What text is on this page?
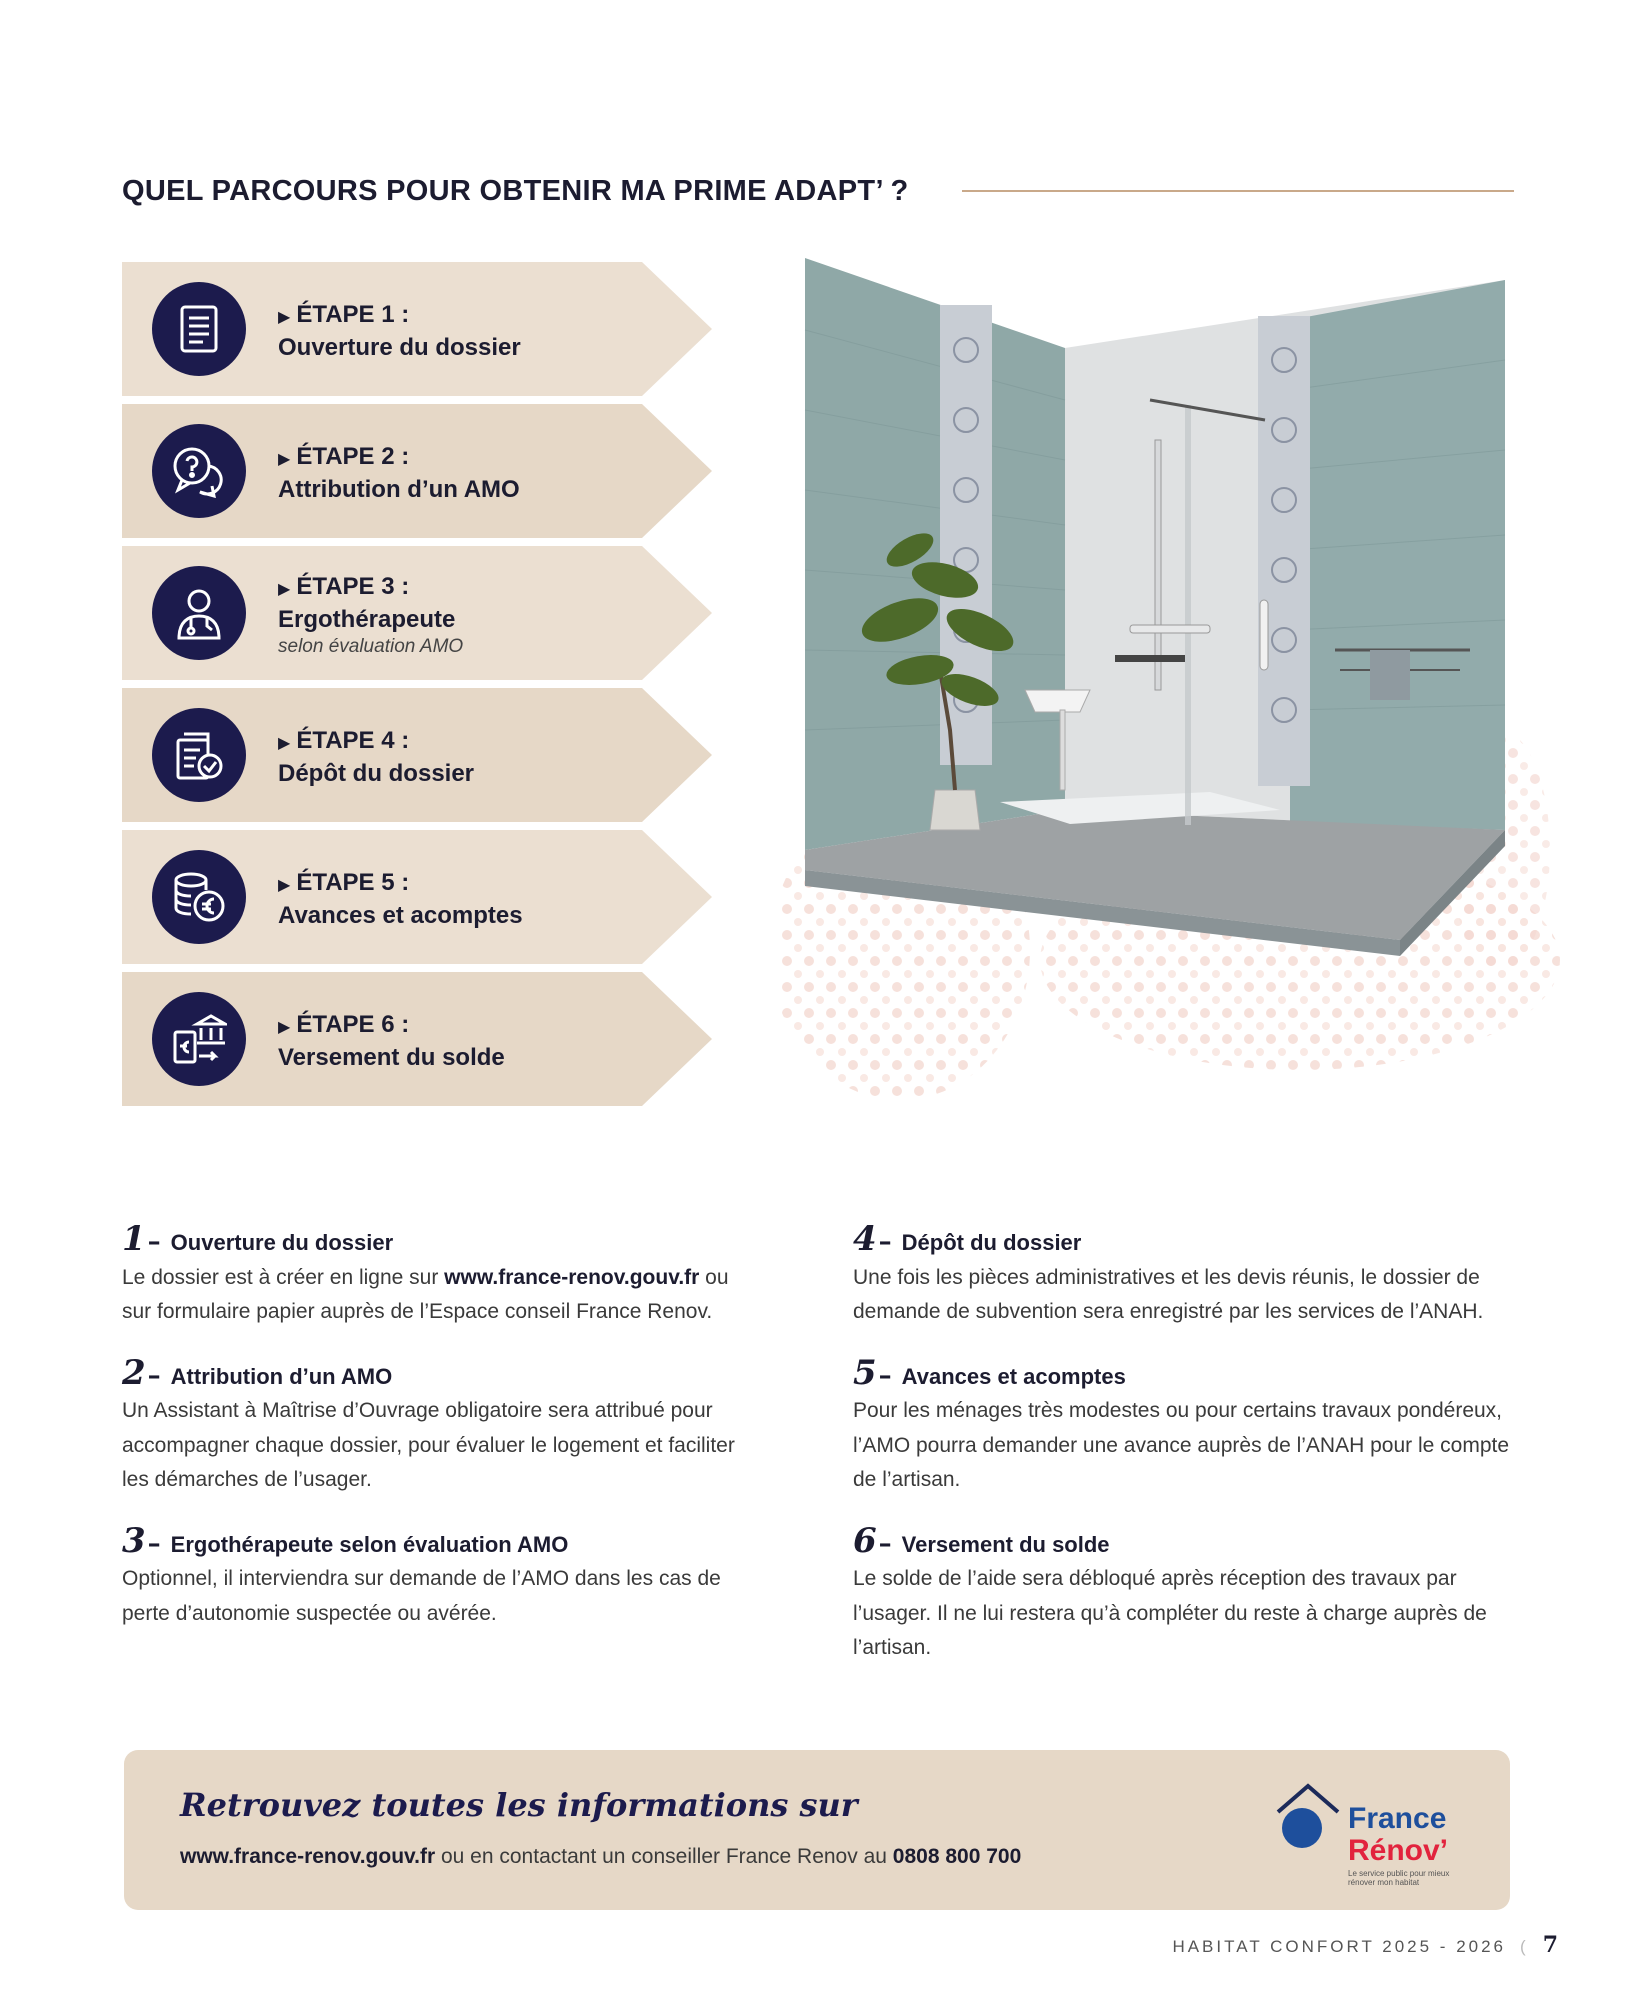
QUEL PARCOURS POUR OBTENIR MA PRIME ADAPT’ ?
▶ ÉTAPE 1 :
Ouverture du dossier
▶ ÉTAPE 2 :
Attribution d’un AMO
▶ ÉTAPE 3 :
Ergothérapeute
selon évaluation AMO
▶ ÉTAPE 4 :
Dépôt du dossier
▶ ÉTAPE 5 :
Avances et acomptes
▶ ÉTAPE 6 :
Versement du solde
1 –	Ouverture du dossier
Le dossier est à créer en ligne sur www.france-renov.gouv.fr ou sur formulaire papier auprès de l’Espace conseil France Renov.
2 –	Attribution d’un AMO
Un Assistant à Maîtrise d’Ouvrage obligatoire sera attribué pour accompagner chaque dossier, pour évaluer le logement et faciliter les démarches de l’usager.
3 –	Ergothérapeute selon évaluation AMO
Optionnel, il interviendra sur demande de l’AMO dans les cas de perte d’autonomie suspectée ou avérée.
4 –	Dépôt du dossier
Une fois les pièces administratives et les devis réunis, le dossier de demande de subvention sera enregistré par les services de l’ANAH.
5 –	Avances et acomptes
Pour les ménages très modestes ou pour certains travaux pondéreux, l’AMO pourra demander une avance auprès de l’ANAH pour le compte de l’artisan.
6 –	Versement du solde
Le solde de l’aide sera débloqué après réception des travaux par l’usager. Il ne lui restera qu’à compléter du reste à charge auprès de l’artisan.
Retrouvez toutes les informations sur
www.france-renov.gouv.fr ou en contactant un conseiller France Renov au 0808 800 700
France
Rénov’
Le service public pour mieux
rénover mon habitat
HABITAT CONFORT 2025 - 2026 ( 7
